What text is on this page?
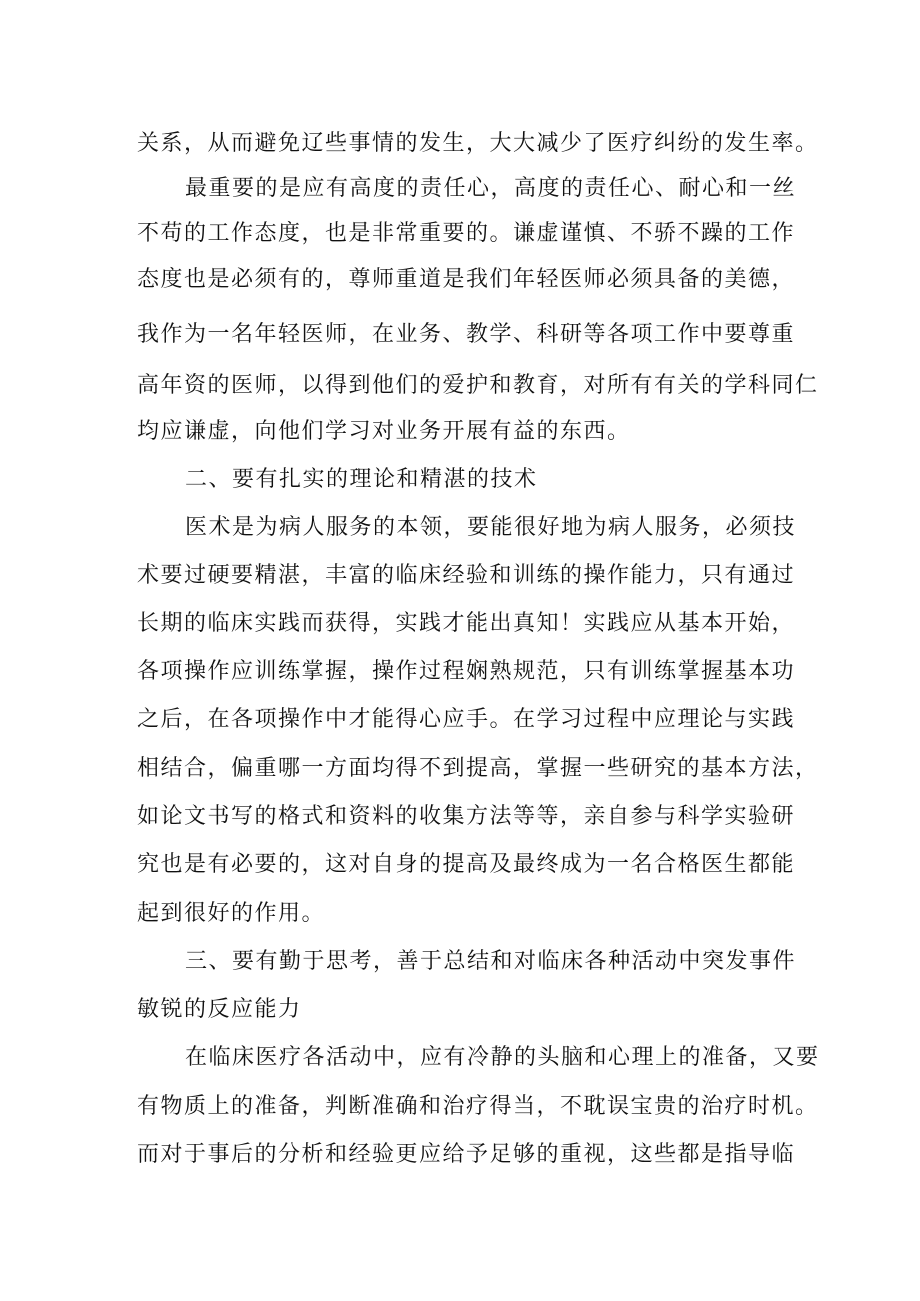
关系，从而避免辽些事情的发生，大大减少了医疗纠纷的发生率。
最重要的是应有高度的责任心，高度的责任心、耐心和一丝
不苟的工作态度，也是非常重要的。谦虚谨慎、不骄不躁的工作
态度也是必须有的，尊师重道是我们年轻医师必须具备的美德，
我作为一名年轻医师，在业务、教学、科研等各项工作中要尊重
高年资的医师，以得到他们的爱护和教育，对所有有关的学科同仁
均应谦虚，向他们学习对业务开展有益的东西。
二、要有扎实的理论和精湛的技术
医术是为病人服务的本领，要能很好地为病人服务，必须技
术要过硬要精湛，丰富的临床经验和训练的操作能力，只有通过
长期的临床实践而获得，实践才能出真知！实践应从基本开始，
各项操作应训练掌握，操作过程娴熟规范，只有训练掌握基本功
之后，在各项操作中才能得心应手。在学习过程中应理论与实践
相结合，偏重哪一方面均得不到提高，掌握一些研究的基本方法，
如论文书写的格式和资料的收集方法等等，亲自参与科学实验研
究也是有必要的，这对自身的提高及最终成为一名合格医生都能
起到很好的作用。
三、要有勤于思考，善于总结和对临床各种活动中突发事件
敏锐的反应能力
在临床医疗各活动中，应有冷静的头脑和心理上的准备，又要
有物质上的准备，判断准确和治疗得当，不耽误宝贵的治疗时机。
而对于事后的分析和经验更应给予足够的重视，这些都是指导临
